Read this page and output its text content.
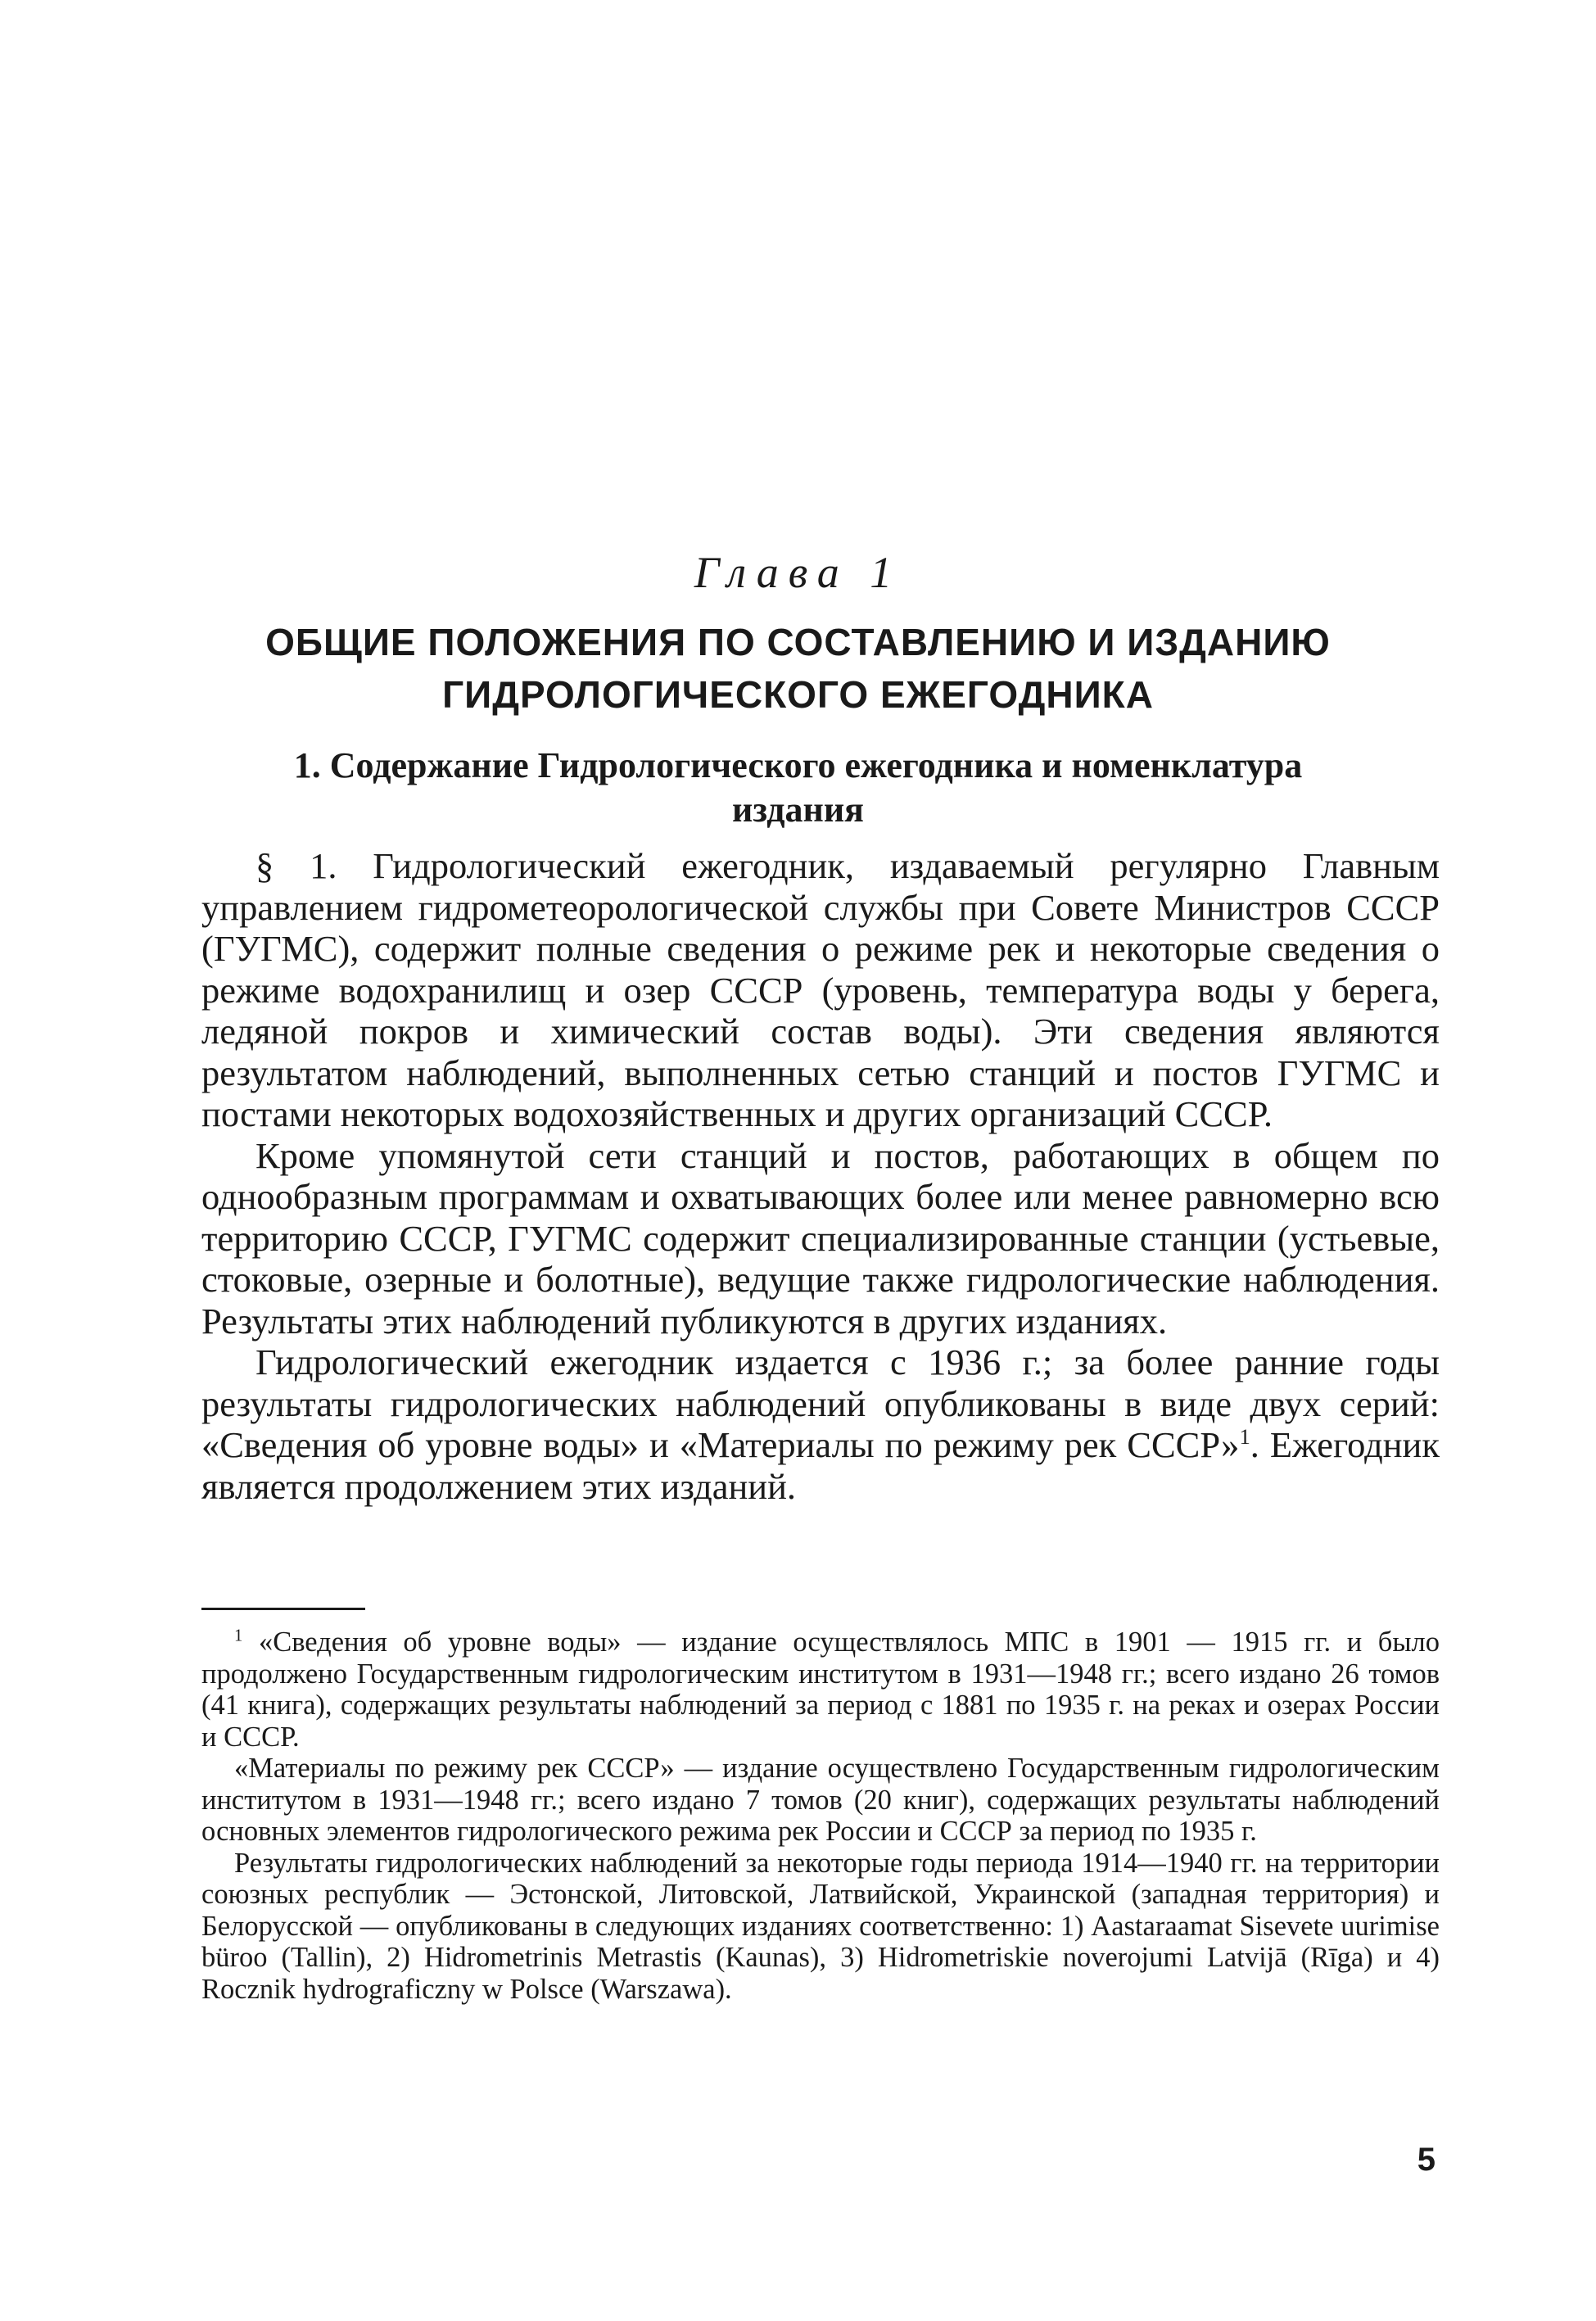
Глава 1
ОБЩИЕ ПОЛОЖЕНИЯ ПО СОСТАВЛЕНИЮ И ИЗДАНИЮ
ГИДРОЛОГИЧЕСКОГО ЕЖЕГОДНИКА
1. Содержание Гидрологического ежегодника и номенклатура
издания

§ 1. Гидрологический ежегодник, издаваемый регулярно Главным управлением гидрометеорологической службы при Совете Министров СССР (ГУГМС), содержит полные сведения о режиме рек и некоторые сведения о режиме водохранилищ и озер СССР (уровень, температура воды у берега, ледяной покров и химический состав воды). Эти сведения являются результатом наблюдений, выполненных сетью станций и постов ГУГМС и постами некоторых водохозяйственных и других организаций СССР.

Кроме упомянутой сети станций и постов, работающих в общем по однообразным программам и охватывающих более или менее равномерно всю территорию СССР, ГУГМС содержит специализированные станции (устьевые, стоковые, озерные и болотные), ведущие также гидрологические наблюдения. Результаты этих наблюдений публикуются в других изданиях.

Гидрологический ежегодник издается с 1936 г.; за более ранние годы результаты гидрологических наблюдений опубликованы в виде двух серий: «Сведения об уровне воды» и «Материалы по режиму рек СССР»$^1$. Ежегодник является продолжением этих изданий.

$^1$ «Сведения об уровне воды» — издание осуществлялось МПС в 1901 — 1915 гг. и было продолжено Государственным гидрологическим институтом в 1931—1948 гг.; всего издано 26 томов (41 книга), содержащих результаты наблюдений за период с 1881 по 1935 г. на реках и озерах России и СССР.

«Материалы по режиму рек СССР» — издание осуществлено Государственным гидрологическим институтом в 1931—1948 гг.; всего издано 7 томов (20 книг), содержащих результаты наблюдений основных элементов гидрологического режима рек России и СССР за период по 1935 г.

Результаты гидрологических наблюдений за некоторые годы периода 1914—1940 гг. на территории союзных республик — Эстонской, Литовской, Латвийской, Украинской (западная территория) и Белорусской — опубликованы в следующих изданиях соответственно: 1) Aastaraamat Sisevete uurimise büroo (Tallin), 2) Hidrometrinis Metrastis (Kaunas), 3) Hidrometriskie noverojumi Latvijā (Rīga) и 4) Rocznik hydrograficzny w Polsce (Warszawa).

5
